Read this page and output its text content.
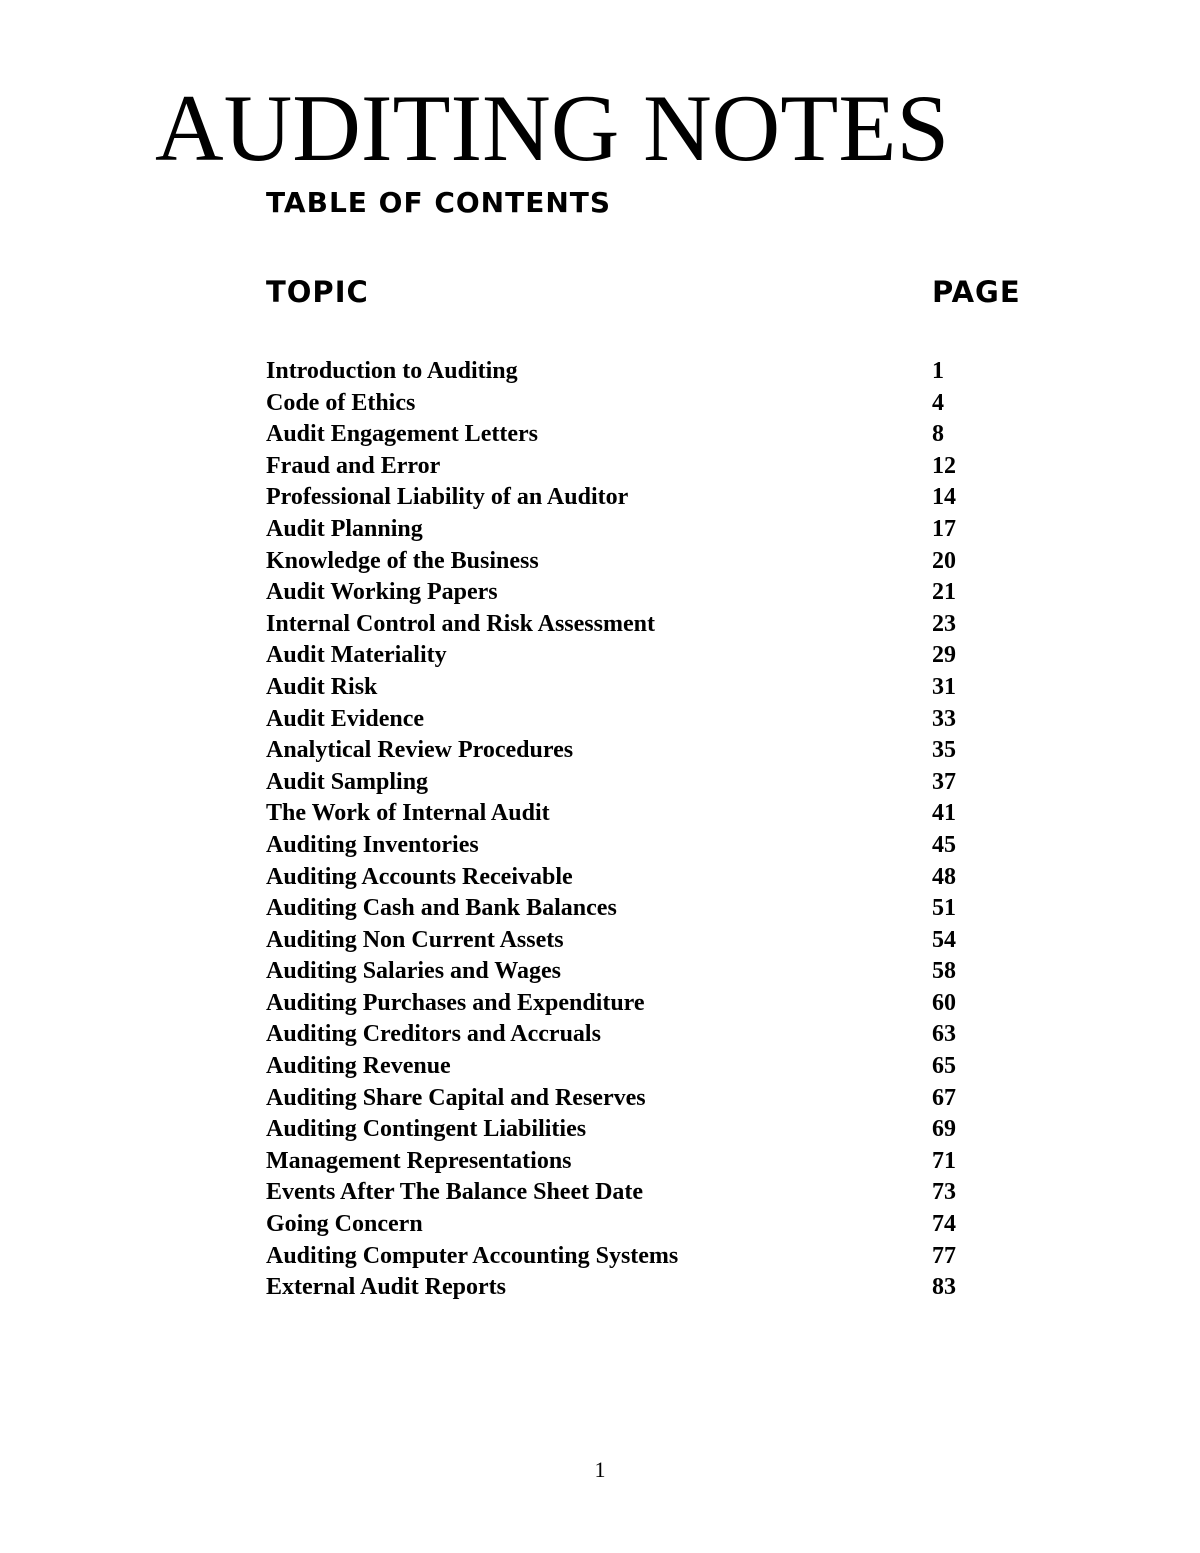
AUDITING NOTES
TABLE OF CONTENTS
TOPIC	PAGE
Introduction to Auditing	1
Code of Ethics	4
Audit Engagement Letters	8
Fraud and Error	12
Professional Liability of an Auditor	14
Audit Planning	17
Knowledge of the Business	20
Audit Working Papers	21
Internal Control and Risk Assessment	23
Audit Materiality	29
Audit Risk	31
Audit Evidence	33
Analytical Review Procedures	35
Audit Sampling	37
The Work of Internal Audit	41
Auditing Inventories	45
Auditing Accounts Receivable	48
Auditing Cash and Bank Balances	51
Auditing Non Current Assets	54
Auditing Salaries and Wages	58
Auditing Purchases and Expenditure	60
Auditing Creditors and Accruals	63
Auditing Revenue	65
Auditing Share Capital and Reserves	67
Auditing Contingent Liabilities	69
Management Representations	71
Events After The Balance Sheet Date	73
Going Concern	74
Auditing Computer Accounting Systems	77
External Audit Reports	83
1
